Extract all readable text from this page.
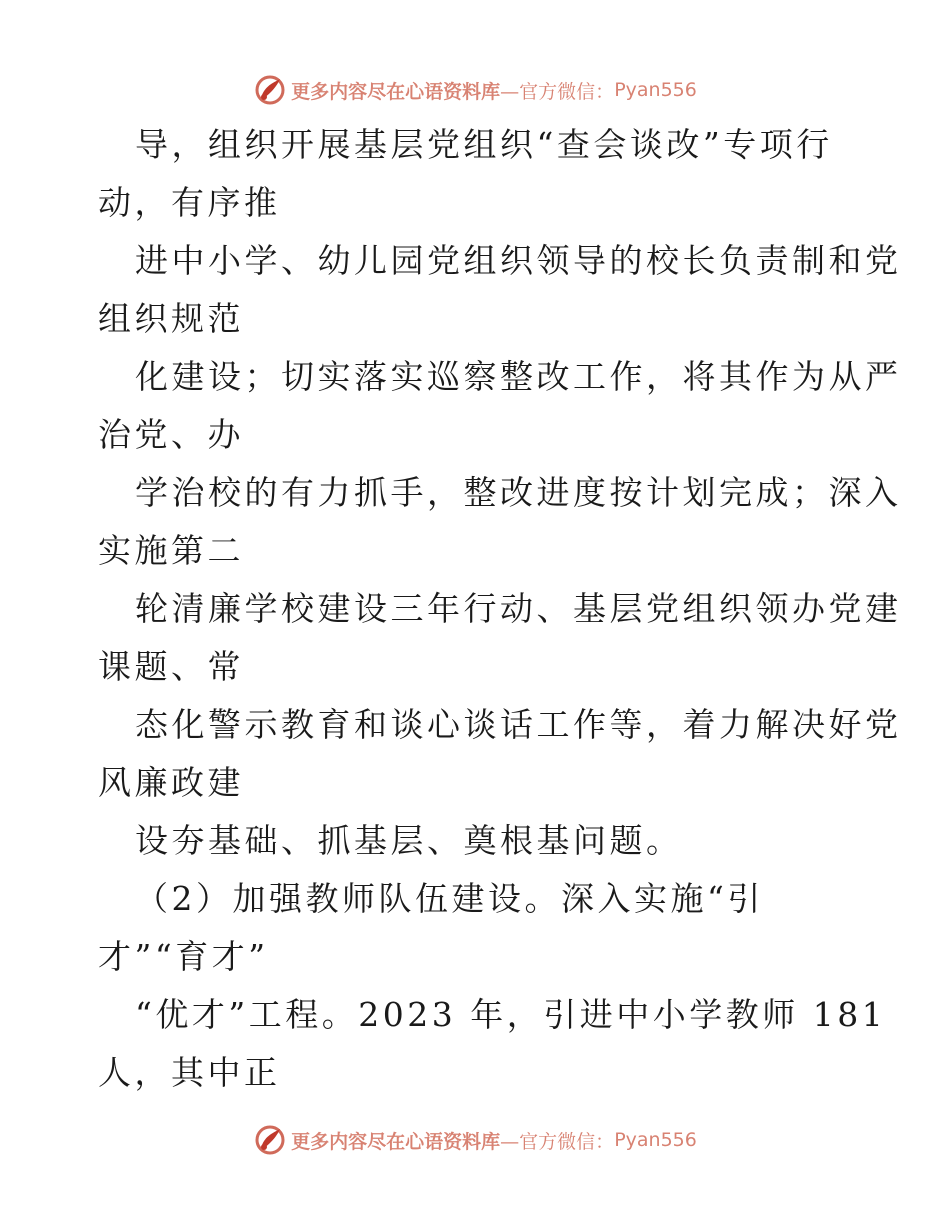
更多内容尽在心语资料库 —官方微信： Pyan556
导，组织开展基层党组织“查会谈改”专项行
动，有序推
进中小学、幼儿园党组织领导的校长负责制和党
组织规范
化建设；切实落实巡察整改工作，将其作为从严
治党、办
学治校的有力抓手，整改进度按计划完成；深入
实施第二
轮清廉学校建设三年行动、基层党组织领办党建
课题、常
态化警示教育和谈心谈话工作等，着力解决好党
风廉政建
设夯基础、抓基层、奠根基问题。
（2）加强教师队伍建设。深入实施“引
才”“育才”
“优才”工程。2023 年，引进中小学教师 181
人，其中正
更多内容尽在心语资料库 —官方微信： Pyan556
